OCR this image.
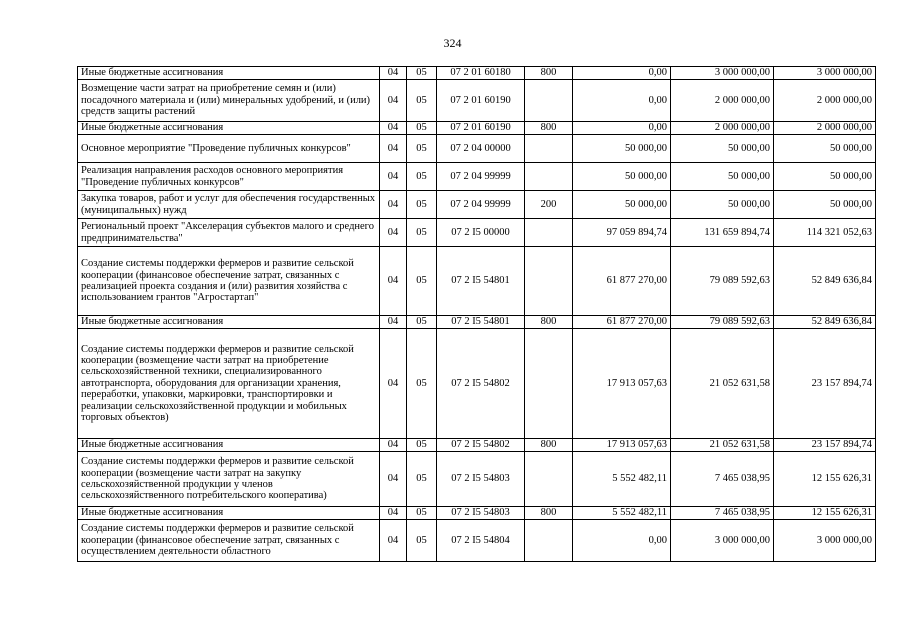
324
Иные бюджетные ассигнования	04	05	07 2 01 60180	800	0,00	3 000 000,00	3 000 000,00
Возмещение части затрат на приобретение семян и (или) посадочного материала и (или) минеральных удобрений, и (или) средств защиты растений	04	05	07 2 01 60190		0,00	2 000 000,00	2 000 000,00
Иные бюджетные ассигнования	04	05	07 2 01 60190	800	0,00	2 000 000,00	2 000 000,00
Основное мероприятие "Проведение публичных конкурсов"	04	05	07 2 04 00000		50 000,00	50 000,00	50 000,00
Реализация направления расходов основного мероприятия "Проведение публичных конкурсов"	04	05	07 2 04 99999		50 000,00	50 000,00	50 000,00
Закупка товаров, работ и услуг для обеспечения государственных (муниципальных) нужд	04	05	07 2 04 99999	200	50 000,00	50 000,00	50 000,00
Региональный проект "Акселерация субъектов малого и среднего предпринимательства"	04	05	07 2 I5 00000		97 059 894,74	131 659 894,74	114 321 052,63
Создание системы поддержки фермеров и развитие сельской кооперации (финансовое обеспечение затрат, связанных с реализацией проекта создания и (или) развития хозяйства с использованием грантов "Агростартап"	04	05	07 2 I5 54801		61 877 270,00	79 089 592,63	52 849 636,84
Иные бюджетные ассигнования	04	05	07 2 I5 54801	800	61 877 270,00	79 089 592,63	52 849 636,84
Создание системы поддержки фермеров и развитие сельской кооперации (возмещение части затрат на приобретение сельскохозяйственной техники, специализированного автотранспорта, оборудования для организации хранения, переработки, упаковки, маркировки, транспортировки и реализации сельскохозяйственной продукции и мобильных торговых объектов)	04	05	07 2 I5 54802		17 913 057,63	21 052 631,58	23 157 894,74
Иные бюджетные ассигнования	04	05	07 2 I5 54802	800	17 913 057,63	21 052 631,58	23 157 894,74
Создание системы поддержки фермеров и развитие сельской кооперации (возмещение части затрат на закупку сельскохозяйственной продукции у членов сельскохозяйственного потребительского кооператива)	04	05	07 2 I5 54803		5 552 482,11	7 465 038,95	12 155 626,31
Иные бюджетные ассигнования	04	05	07 2 I5 54803	800	5 552 482,11	7 465 038,95	12 155 626,31
Создание системы поддержки фермеров и развитие сельской кооперации (финансовое обеспечение затрат, связанных с осуществлением деятельности областного	04	05	07 2 I5 54804		0,00	3 000 000,00	3 000 000,00
